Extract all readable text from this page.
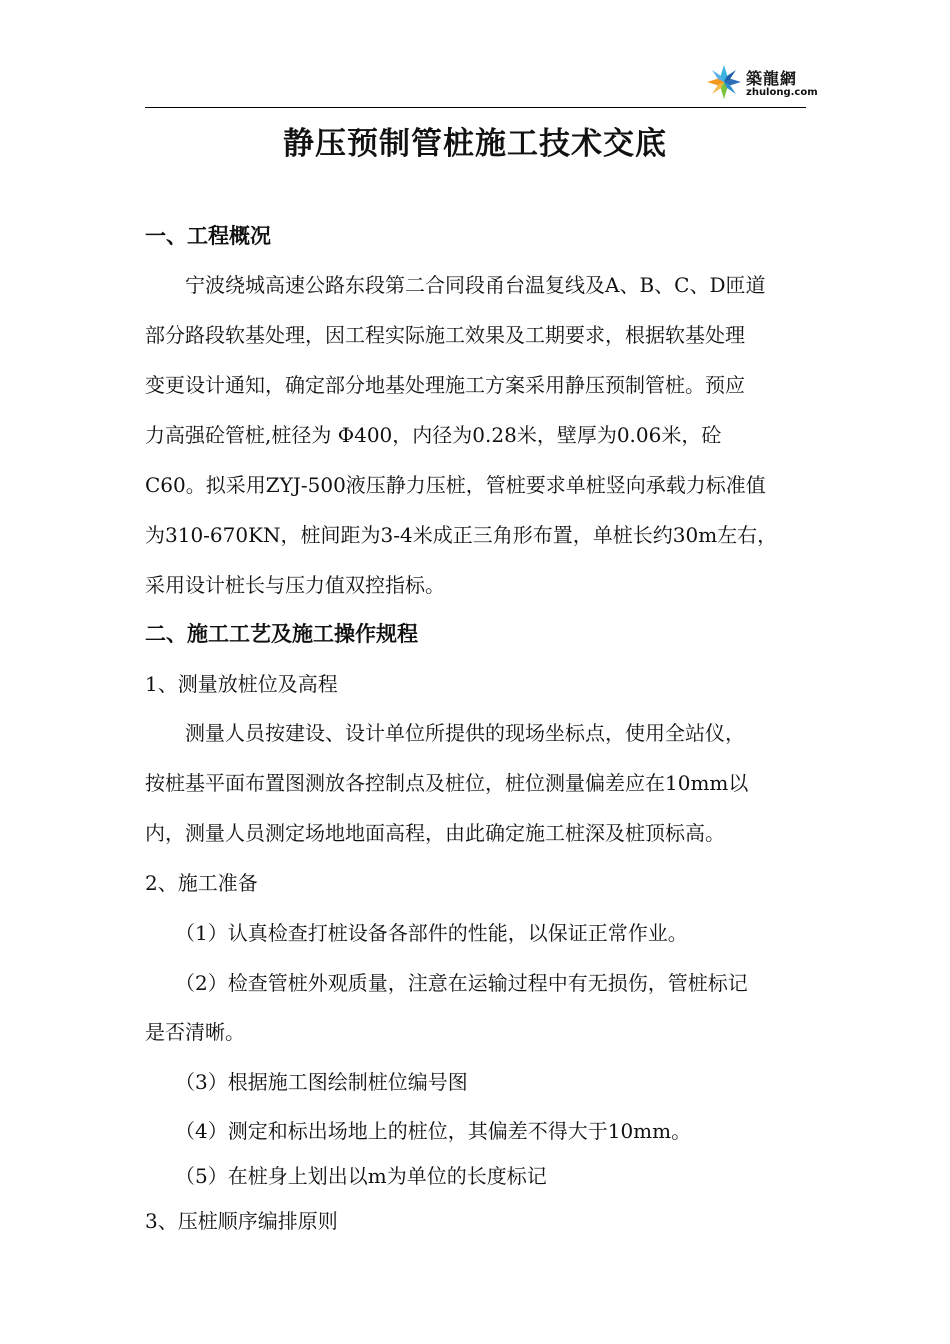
築龍網
zhulong.com
静压预制管桩施工技术交底
一、工程概况
　　宁波绕城高速公路东段第二合同段甬台温复线及A、B、C、D匝道
部分路段软基处理，因工程实际施工效果及工期要求，根据软基处理
变更设计通知，确定部分地基处理施工方案采用静压预制管桩。预应
力高强砼管桩,桩径为 Φ400，内径为0.28米，壁厚为0.06米，砼
C60。拟采用ZYJ-500液压静力压桩，管桩要求单桩竖向承载力标准值
为310-670KN，桩间距为3-4米成正三角形布置，单桩长约30m左右，
采用设计桩长与压力值双控指标。
二、施工工艺及施工操作规程
1、测量放桩位及高程
　　测量人员按建设、设计单位所提供的现场坐标点，使用全站仪，
按桩基平面布置图测放各控制点及桩位，桩位测量偏差应在10mm以
内，测量人员测定场地地面高程，由此确定施工桩深及桩顶标高。
2、施工准备
　　（1）认真检查打桩设备各部件的性能，以保证正常作业。
　　（2）检查管桩外观质量，注意在运输过程中有无损伤，管桩标记
是否清晰。
　　（3）根据施工图绘制桩位编号图
　　（4）测定和标出场地上的桩位，其偏差不得大于10mm。
　　（5）在桩身上划出以m为单位的长度标记
3、压桩顺序编排原则
